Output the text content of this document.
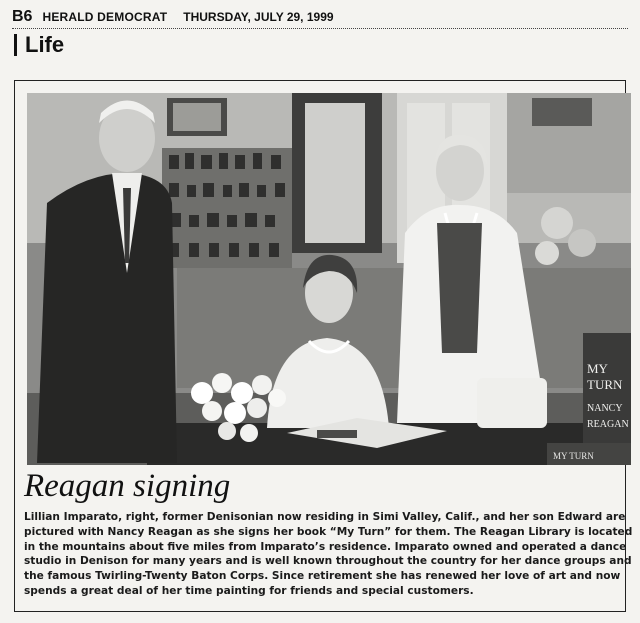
B6 HERALD DEMOCRAT THURSDAY, JULY 29, 1999
Life
MY
TURN
NANCY
REAGAN
MY TURN
Reagan signing

Lillian Imparato, right, former Denisonian now residing in Simi Valley, Calif., and her son Edward are pictured with Nancy Reagan as she signs her book “My Turn” for them. The Reagan Library is located in the mountains about five miles from Imparato’s residence. Imparato owned and operated a dance studio in Denison for many years and is well known throughout the country for her dance groups and the famous Twirling-Twenty Baton Corps. Since retirement she has renewed her love of art and now spends a great deal of her time painting for friends and special customers.
